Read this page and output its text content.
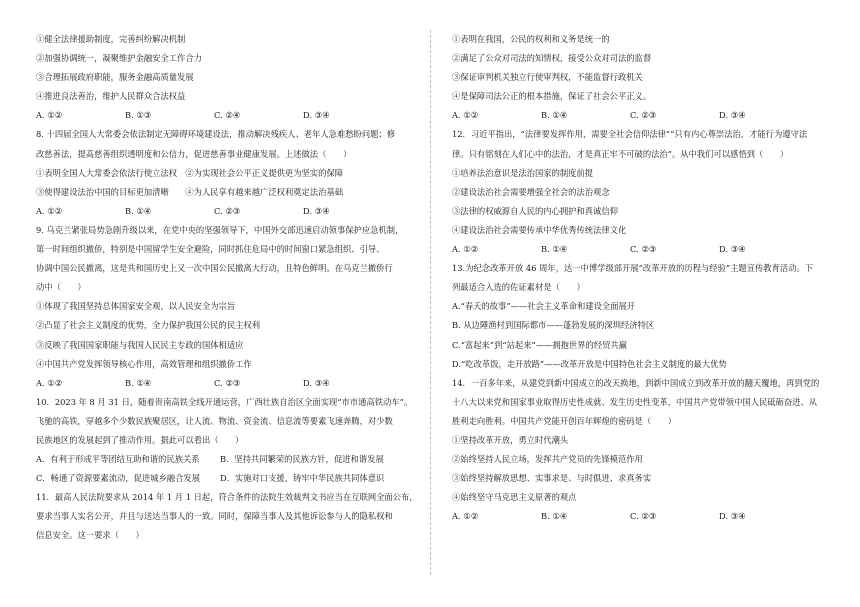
①健全法律援助制度，完善纠纷解决机制
②加强协调统一，凝聚维护金融安全工作合力
③合理拓展政府职能，服务金融高质量发展
④推进良法善治，维护人民群众合法权益
A. ①②	B. ①③	C. ②④	D. ③④
8. 十四届全国人大常委会依法制定无障碍环境建设法，推动解决残疾人、老年人急难愁盼问题；修
改慈善法，提高慈善组织透明度和公信力，促进慈善事业健康发展。上述做法（　　）
①表明全国人大常委会依法行使立法权　②为实现社会公平正义提供更为坚实的保障
③使得建设法治中国的目标更加清晰　　④为人民享有越来越广泛权利奠定法治基础
A. ①②	B. ①④	C. ②③	D. ③④
9. 乌克兰紧张局势急剧升级以来，在党中央的坚强领导下，中国外交部迅速启动领事保护应急机制，
第一时间组织撤侨，特别是中国留学生安全避险，同时抓住危局中的时间窗口紧急组织、引导、
协调中国公民撤离，这是共和国历史上又一次中国公民撤离大行动，且特色鲜明。在乌克兰撤侨行
动中（　　）
①体现了我国坚持总体国家安全观，以人民安全为宗旨
②凸显了社会主义制度的优势，全力保护我国公民的民主权利
③反映了我国国家职能与我国人民民主专政的国体相适应
④中国共产党发挥领导核心作用，高效管理和组织撤侨工作
A. ①②	B. ①④	C. ②③	D. ③④
10．2023 年 8 月 31 日，随着贵南高铁全线开通运营，广西壮族自治区全面实现“市市通高铁动车”。
飞驰的高铁，穿越多个少数民族聚居区，让人流、物流、资金流、信息流等要素飞速奔腾，对少数
民族地区的发展起到了推动作用。据此可以看出（　　）
A．有利于形成平等团结互助和谐的民族关系	B．坚持共同繁荣的民族方针，促进和谐发展
C．畅通了资源要素流动，促进城乡融合发展	D．实施对口支援，铸牢中华民族共同体意识
11．最高人民法院要求从 2014 年 1 月 1 日起，符合条件的法院生效裁判文书应当在互联网全面公布，
要求当事人实名公开，并且与送达当事人的一致。同时，保障当事人及其他诉讼参与人的隐私权和
信息安全。这一要求（　　）
①表明在我国，公民的权利和义务是统一的
②满足了公众对司法的知情权，接受公众对司法的监督
③保证审判机关独立行使审判权，不能监督行政机关
④是保障司法公正的根本措施，保证了社会公平正义。
A. ①②	B. ①④	C. ②③	D. ③④
12．习近平指出，“法律要发挥作用，需要全社会信仰法律”“只有内心尊崇法治，才能行为遵守法
律。只有铭刻在人们心中的法治，才是真正牢不可破的法治”。从中我们可以感悟到（　　）
①培养法治意识是法治国家的制度前提
②建设法治社会需要增强全社会的法治观念
③法律的权威源自人民的内心拥护和真诚信仰
④建设法治社会需要传承中华优秀传统法律文化
A. ①②	B. ①④	C. ②③	D. ③④
13.为纪念改革开放 46 周年，达一中博学级部开展“改革开放的历程与经验”主题宣传教育活动。下
列最适合入选的佐证素材是（　　）
A.“春天的故事”——社会主义革命和建设全面展开
B. 从边陲渔村到国际都市——蓬勃发展的深圳经济特区
C.“富起来”到“站起来”——拥抱世界的经贸共赢
D.“吃改革饭，走开放路”——改革开放是中国特色社会主义制度的最大优势
14．一百多年来，从建党到新中国成立的改天换地，到新中国成立到改革开放的翻天覆地，再到党的
十八大以来党和国家事业取得历史性成就、发生历史性变革，中国共产党带领中国人民砥砺奋进、从
胜利走向胜利。中国共产党能开创百年辉煌的密码是（　　）
①坚持改革开放，勇立时代潮头
②始终坚持人民立场，发挥共产党员的先锋模范作用
③始终坚持解放思想、实事求是、与时俱进、求真务实
④始终坚守马克思主义原著的观点
A. ①②	B. ①④	C. ②③	D. ③④
